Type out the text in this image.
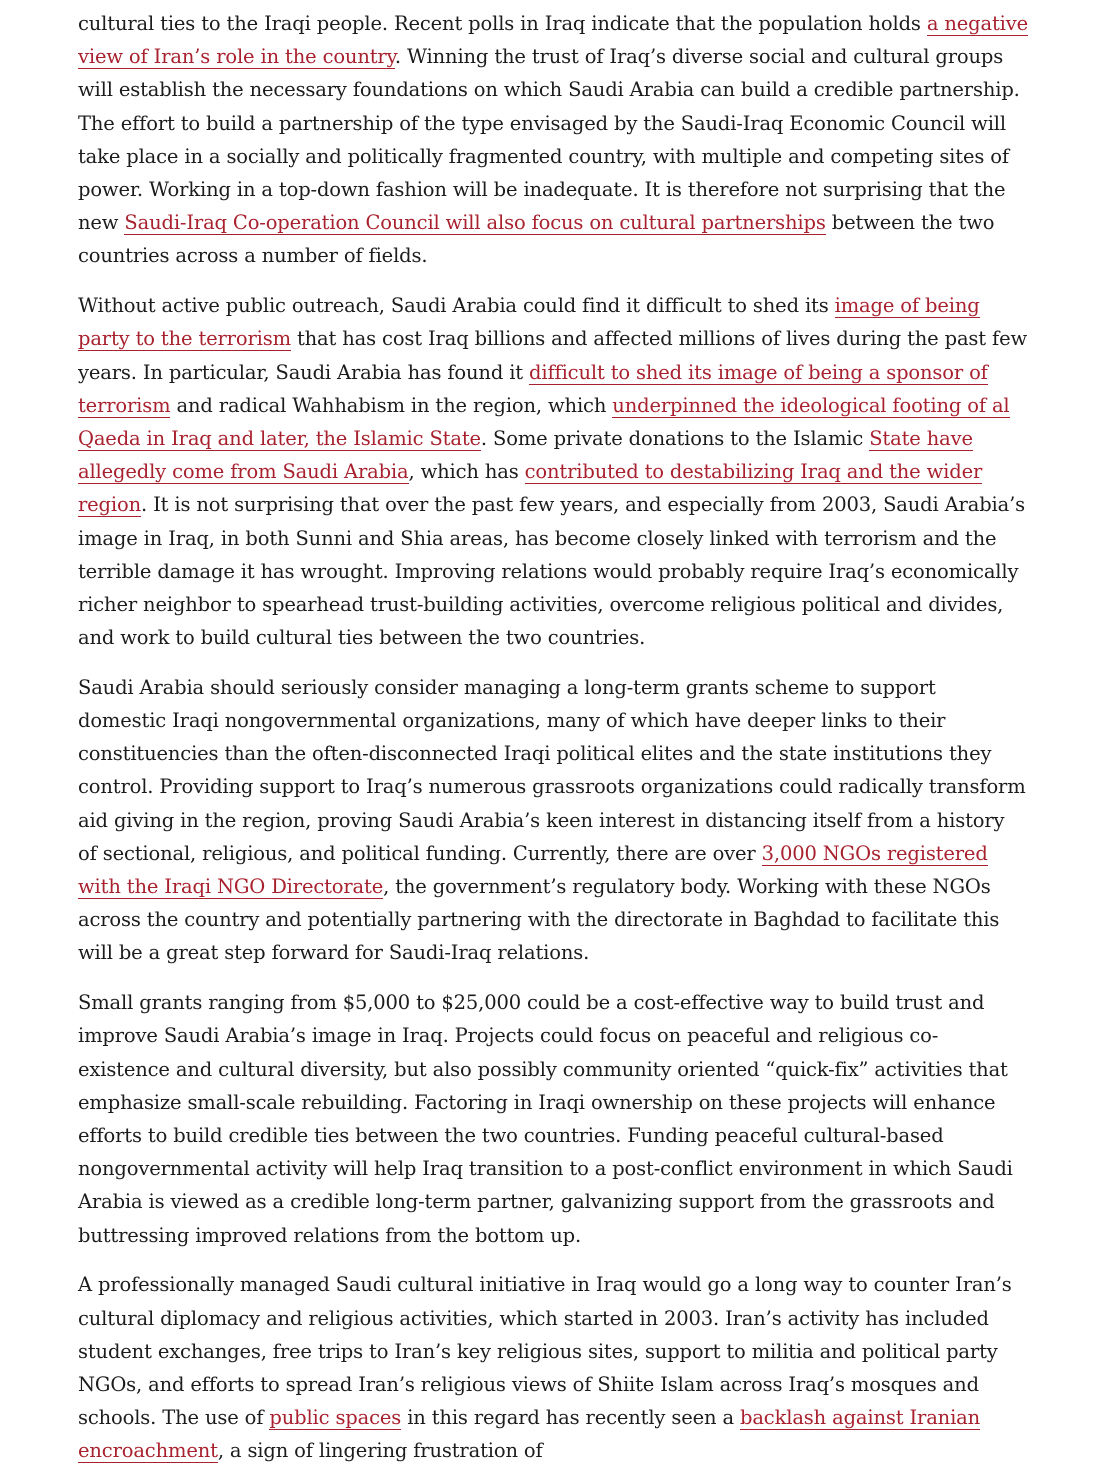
cultural ties to the Iraqi people. Recent polls in Iraq indicate that the population holds a negative view of Iran’s role in the country. Winning the trust of Iraq’s diverse social and cultural groups will establish the necessary foundations on which Saudi Arabia can build a credible partnership. The effort to build a partnership of the type envisaged by the Saudi-Iraq Economic Council will take place in a socially and politically fragmented country, with multiple and competing sites of power. Working in a top-down fashion will be inadequate. It is therefore not surprising that the new Saudi-Iraq Co-operation Council will also focus on cultural partnerships between the two countries across a number of fields.

Without active public outreach, Saudi Arabia could find it difficult to shed its image of being party to the terrorism that has cost Iraq billions and affected millions of lives during the past few years. In particular, Saudi Arabia has found it difficult to shed its image of being a sponsor of terrorism and radical Wahhabism in the region, which underpinned the ideological footing of al Qaeda in Iraq and later, the Islamic State. Some private donations to the Islamic State have allegedly come from Saudi Arabia, which has contributed to destabilizing Iraq and the wider region. It is not surprising that over the past few years, and especially from 2003, Saudi Arabia’s image in Iraq, in both Sunni and Shia areas, has become closely linked with terrorism and the terrible damage it has wrought. Improving relations would probably require Iraq’s economically richer neighbor to spearhead trust-building activities, overcome religious political and divides, and work to build cultural ties between the two countries.

Saudi Arabia should seriously consider managing a long-term grants scheme to support domestic Iraqi nongovernmental organizations, many of which have deeper links to their constituencies than the often-disconnected Iraqi political elites and the state institutions they control. Providing support to Iraq’s numerous grassroots organizations could radically transform aid giving in the region, proving Saudi Arabia’s keen interest in distancing itself from a history of sectional, religious, and political funding. Currently, there are over 3,000 NGOs registered with the Iraqi NGO Directorate, the government’s regulatory body. Working with these NGOs across the country and potentially partnering with the directorate in Baghdad to facilitate this will be a great step forward for Saudi-Iraq relations.

Small grants ranging from $5,000 to $25,000 could be a cost-effective way to build trust and improve Saudi Arabia’s image in Iraq. Projects could focus on peaceful and religious co-existence and cultural diversity, but also possibly community oriented “quick-fix” activities that emphasize small-scale rebuilding. Factoring in Iraqi ownership on these projects will enhance efforts to build credible ties between the two countries. Funding peaceful cultural-based nongovernmental activity will help Iraq transition to a post-conflict environment in which Saudi Arabia is viewed as a credible long-term partner, galvanizing support from the grassroots and buttressing improved relations from the bottom up.

A professionally managed Saudi cultural initiative in Iraq would go a long way to counter Iran’s cultural diplomacy and religious activities, which started in 2003. Iran’s activity has included student exchanges, free trips to Iran’s key religious sites, support to militia and political party NGOs, and efforts to spread Iran’s religious views of Shiite Islam across Iraq’s mosques and schools. The use of public spaces in this regard has recently seen a backlash against Iranian encroachment, a sign of lingering frustration of
